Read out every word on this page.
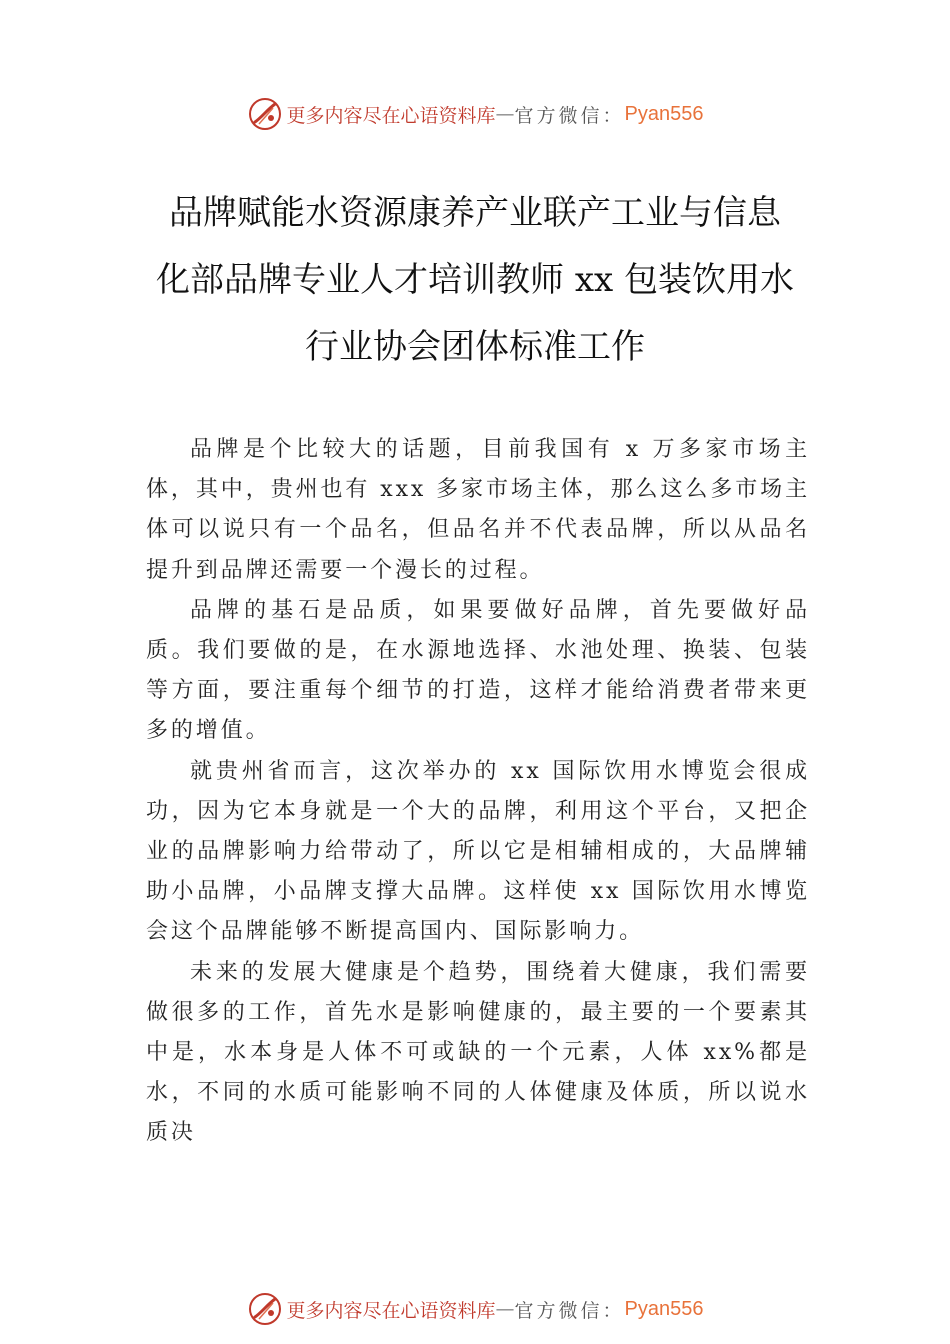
更多内容尽在心语资料库 — 官方微信： Pyan556
品牌赋能水资源康养产业联产工业与信息
化部品牌专业人才培训教师 xx 包装饮用水
行业协会团体标准工作

品牌是个比较大的话题，目前我国有 x 万多家市场主体，其中，贵州也有 xxx 多家市场主体，那么这么多市场主体可以说只有一个品名，但品名并不代表品牌，所以从品名提升到品牌还需要一个漫长的过程。

品牌的基石是品质，如果要做好品牌，首先要做好品质。我们要做的是，在水源地选择、水池处理、换装、包装等方面，要注重每个细节的打造，这样才能给消费者带来更多的增值。

就贵州省而言，这次举办的 xx 国际饮用水博览会很成功，因为它本身就是一个大的品牌，利用这个平台，又把企业的品牌影响力给带动了，所以它是相辅相成的，大品牌辅助小品牌，小品牌支撑大品牌。这样使 xx 国际饮用水博览会这个品牌能够不断提高国内、国际影响力。

未来的发展大健康是个趋势，围绕着大健康，我们需要做很多的工作，首先水是影响健康的，最主要的一个要素其中是，水本身是人体不可或缺的一个元素，人体 xx%都是水，不同的水质可能影响不同的人体健康及体质，所以说水质决

更多内容尽在心语资料库 — 官方微信： Pyan556
